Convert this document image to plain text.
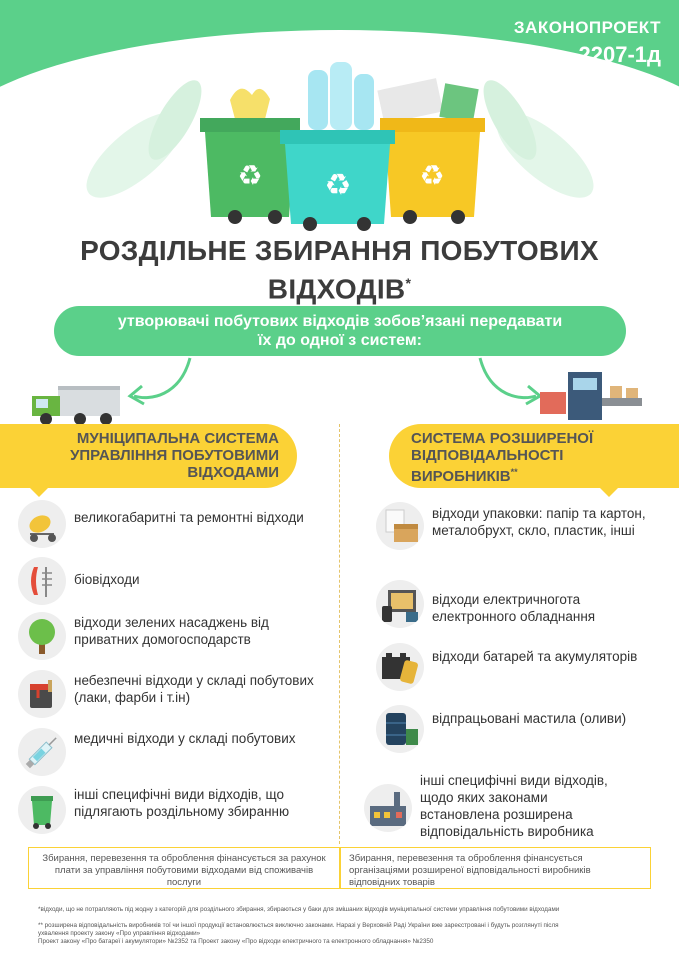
ЗАКОНОПРОЕКТ
2207-1д
♻	♻
♻
РОЗДІЛЬНЕ ЗБИРАННЯ ПОБУТОВИХ
ВІДХОДІВ*
утворювачі побутових відходів зобов’язані передавати
їх до одної з систем:
МУНІЦИПАЛЬНА СИСТЕМА
УПРАВЛІННЯ ПОБУТОВИМИ
ВІДХОДАМИ
СИСТЕМА РОЗШИРЕНОЇ
ВІДПОВІДАЛЬНОСТІ
ВИРОБНИКІВ**
великогабаритні та ремонтні відходи
біовідходи
відходи зелених насаджень від приватних домогосподарств
небезпечні відходи у складі побутових (лаки, фарби і т.ін)
медичні відходи у складі побутових
інші специфічні види відходів, що підлягають роздільному збиранню
відходи упаковки: папір та картон, металобрухт, скло, пластик, інші
відходи електричногота електронного обладнання
відходи батарей та акумуляторів
відпрацьовані мастила (оливи)
інші специфічні види відходів, щодо яких законами встановлена розширена відповідальність виробника
Збирання, перевезення та оброблення фінансується за рахунок плати за управління побутовими відходами від споживачів послуги
Збирання, перевезення та оброблення фінансується організаціями розширеної відповідальності виробників відповідних товарів
*відходи, що не потрапляють під жодну з категорій для роздільного збирання, збираються у баки для змішаних відходів муніципальної системи управління побутовими відходами
** розширена відповідальність виробників тої чи іншої продукції встановлюється виключно законами. Наразі у Верховній Раді України вже зареєстровані і будуть розглянуті після
ухвалення проекту закону «Про управління відходами»
Проект закону «Про батареї і акумулятори» №2352 та Проект закону «Про відходи електричного та електронного обладнання» №2350
